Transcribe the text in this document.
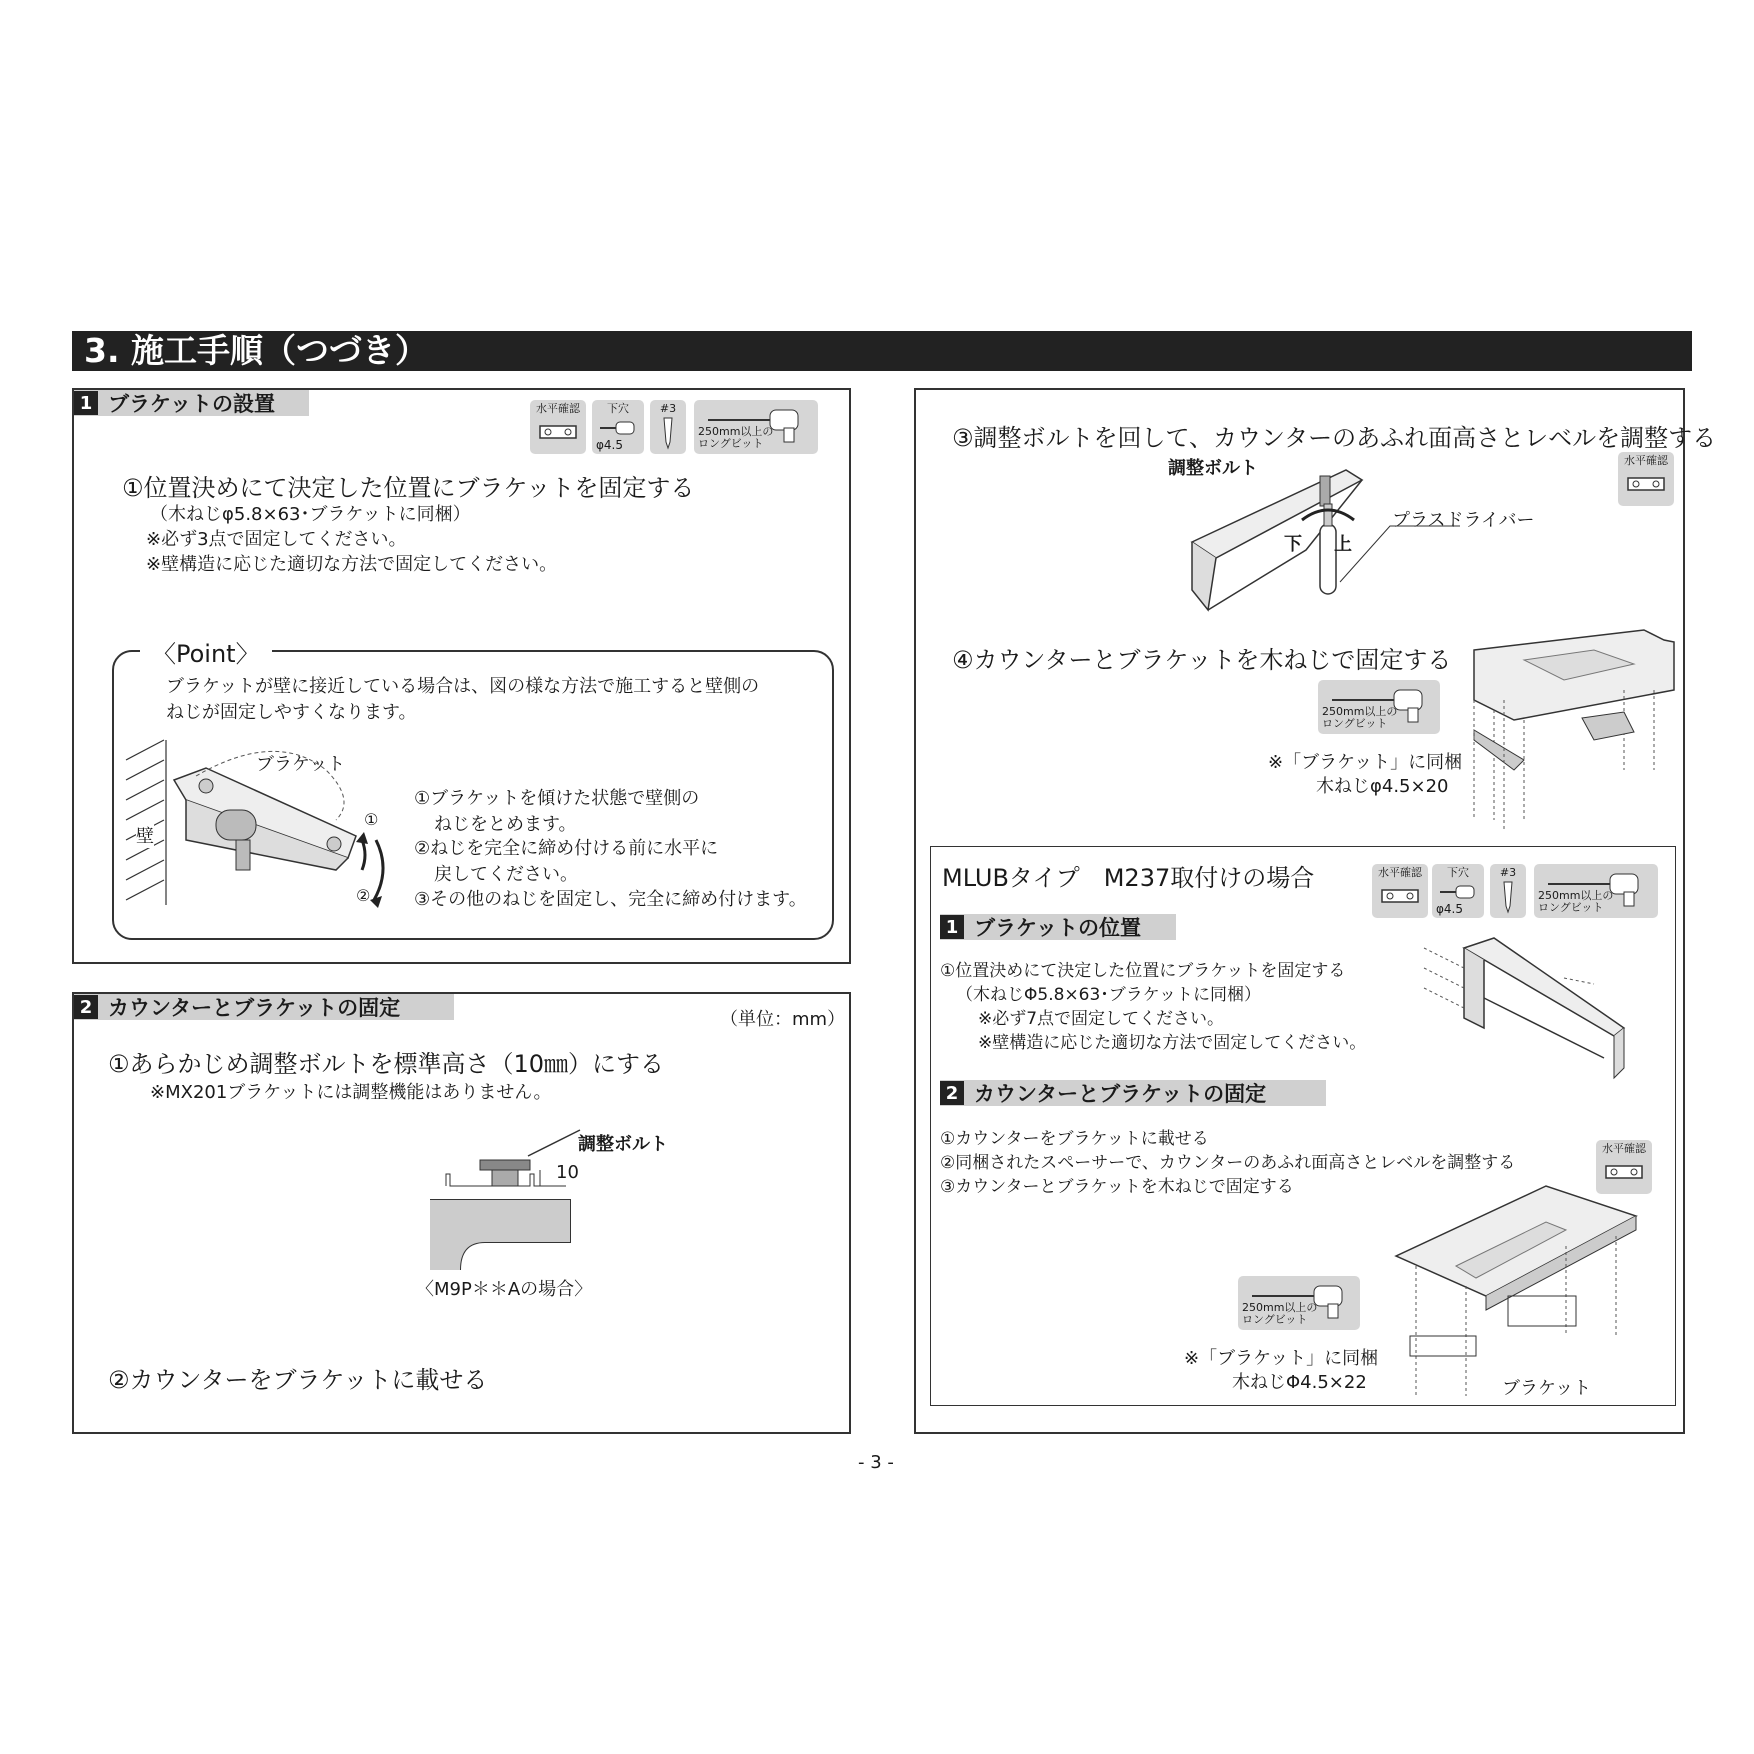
3. 施工手順（つづき）
1 ブラケットの設置	水平確認	下穴
φ4.5
#3
250mm以上の
ロングビット
①位置決めにて決定した位置にブラケットを固定する
（木ねじφ5.8×63･ブラケットに同梱）
※必ず3点で固定してください。
※壁構造に応じた適切な方法で固定してください。
〈Point〉
ブラケットが壁に接近している場合は、図の様な方法で施工すると壁側の
ねじが固定しやすくなります。
ブラケット
壁
①
②
①ブラケットを傾けた状態で壁側の
ねじをとめます。
②ねじを完全に締め付ける前に水平に
戻してください。
③その他のねじを固定し、完全に締め付けます。
2 カウンターとブラケットの固定	（単位：mm）
①あらかじめ調整ボルトを標準高さ（10㎜）にする
※MX201ブラケットには調整機能はありません。
調整ボルト
10
〈M9P＊＊Aの場合〉
②カウンターをブラケットに載せる
③調整ボルトを回して、カウンターのあふれ面高さとレベルを調整する
水平確認
調整ボルト
プラスドライバー
下 上
④カウンターとブラケットを木ねじで固定する
250mm以上の
ロングビット
※「ブラケット」に同梱
木ねじφ4.5×20
MLUBタイプ　M237取付けの場合	水平確認	下穴
φ4.5
#3
250mm以上の
ロングビット
1 ブラケットの位置
①位置決めにて決定した位置にブラケットを固定する
（木ねじΦ5.8×63･ブラケットに同梱）
※必ず7点で固定してください。
※壁構造に応じた適切な方法で固定してください。
2 カウンターとブラケットの固定
①カウンターをブラケットに載せる
②同梱されたスペーサーで、カウンターのあふれ面高さとレベルを調整する
③カウンターとブラケットを木ねじで固定する
水平確認
250mm以上の
ロングビット
※「ブラケット」に同梱
木ねじΦ4.5×22	ブラケット
- 3 -
